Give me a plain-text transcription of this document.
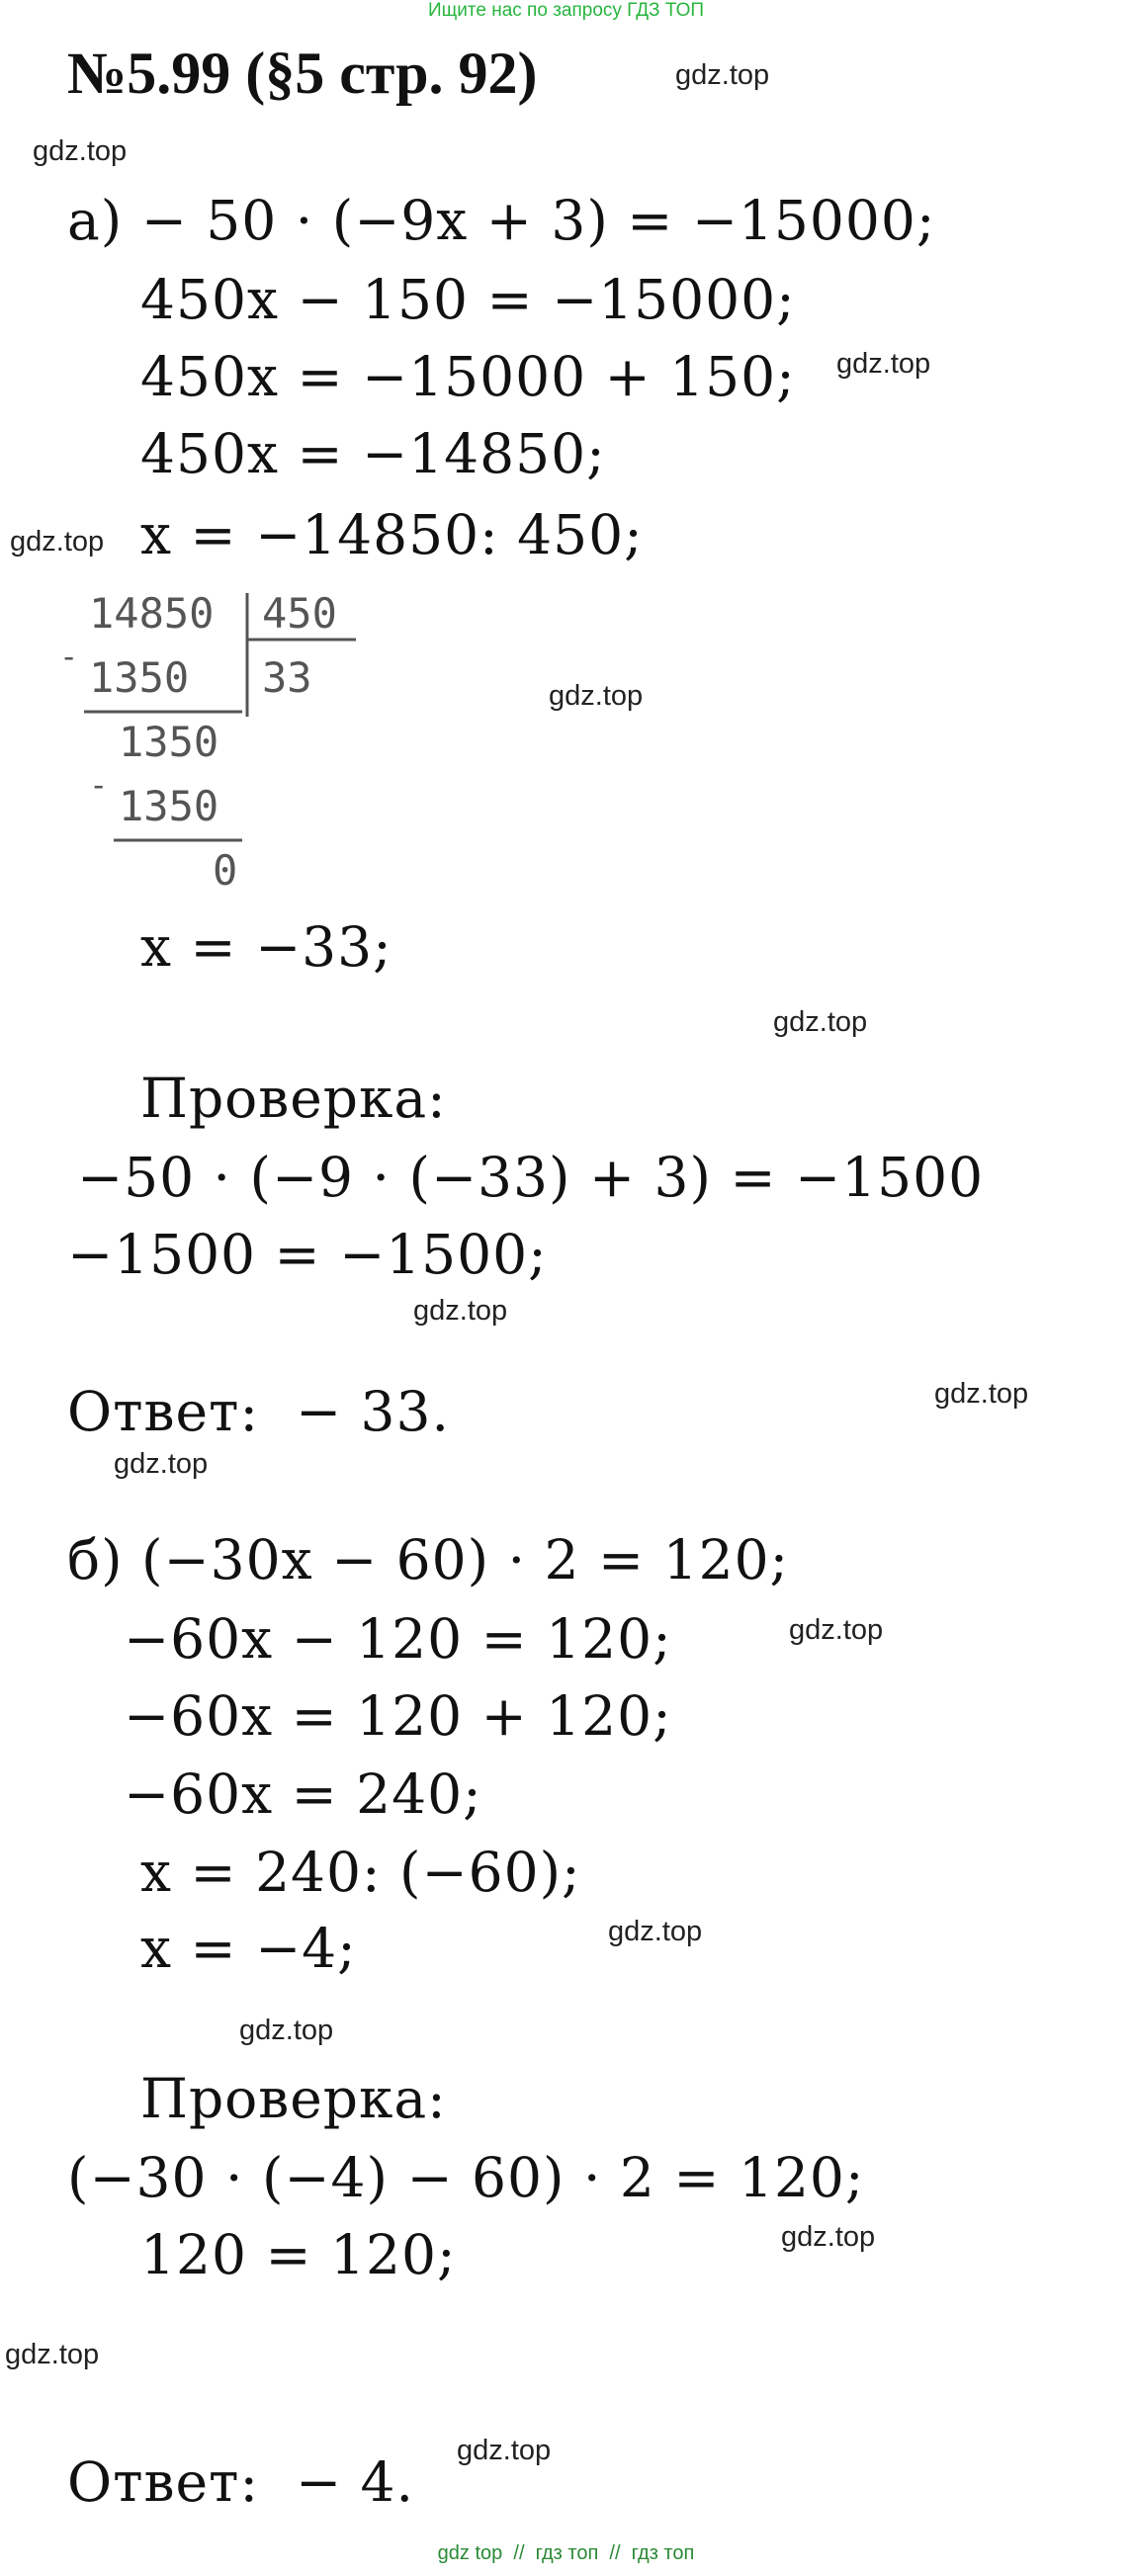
Ищите нас по запросу ГДЗ ТОП
№5.99 (§5 стр. 92)
а) − 50 · (−9x + 3) = −15000;
450x − 150 = −15000;
450x = −15000 + 150;
450x = −14850;
x = −14850: 450;
14850 450
33
- 1350
1350
- 1350
0
x = −33;
Проверка:
−50 · (−9 · (−33) + 3) = −1500
−1500 = −1500;
Ответ:  − 33.
б) (−30x − 60) · 2 = 120;
−60x − 120 = 120;
−60x = 120 + 120;
−60x = 240;
x = 240: (−60);
x = −4;
Проверка:
(−30 · (−4) − 60) · 2 = 120;
120 = 120;
Ответ:  − 4.
gdz.top
gdz.top
gdz.top
gdz.top
gdz.top
gdz.top
gdz.top
gdz.top
gdz.top
gdz.top
gdz.top
gdz.top
gdz.top
gdz.top
gdz.top
gdz top  //  гдз топ  //  гдз топ
